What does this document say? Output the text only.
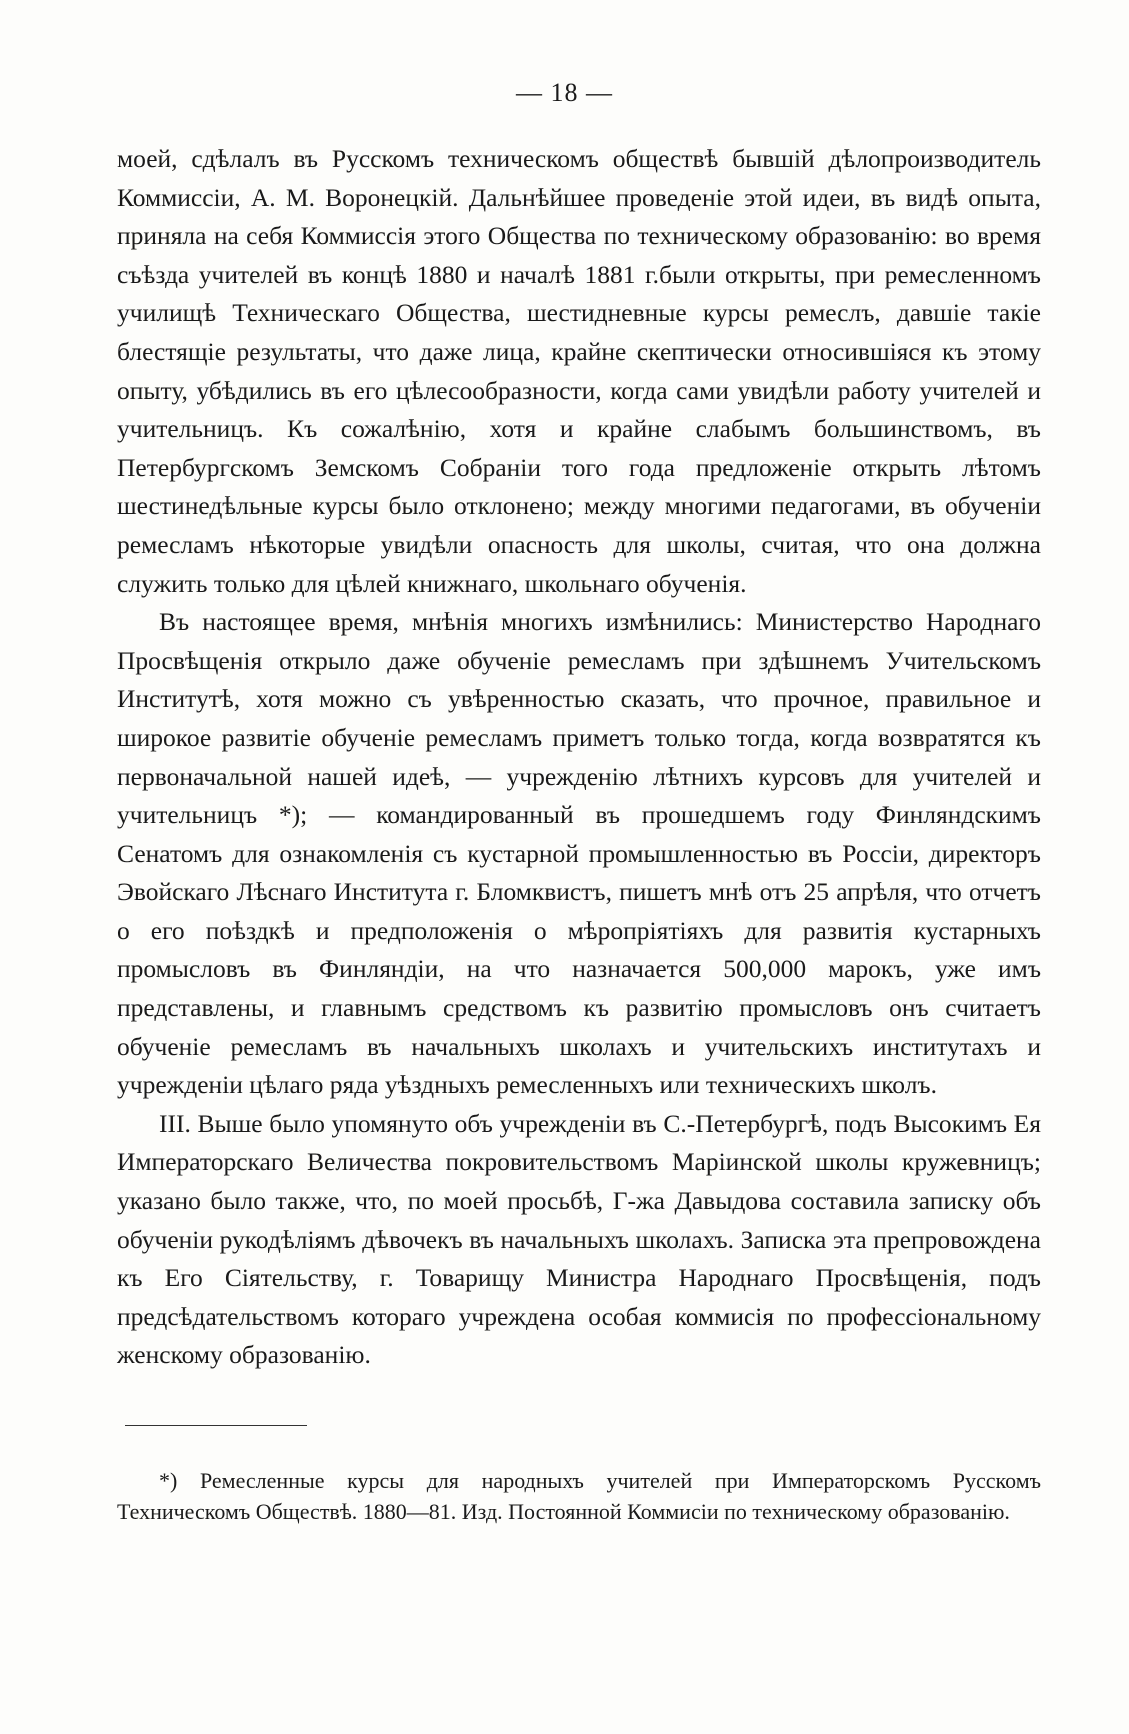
— 18 —

моей, сдѣлалъ въ Русскомъ техническомъ обществѣ бывшій дѣлопроизводитель Коммиссіи, А. М. Воронецкій. Дальнѣйшее проведеніе этой идеи, въ видѣ опыта, приняла на себя Коммиссія этого Общества по техническому образованію: во время съѣзда учителей въ концѣ 1880 и началѣ 1881 г.были открыты, при ремесленномъ училищѣ Техническаго Общества, шестидневные курсы ремеслъ, давшіе такіе блестящіе результаты, что даже лица, крайне скептически относившіяся къ этому опыту, убѣдились въ его цѣлесообразности, когда сами увидѣли работу учителей и учительницъ. Къ сожалѣнію, хотя и крайне слабымъ большинствомъ, въ Петербургскомъ Земскомъ Собраніи того года предложеніе открыть лѣтомъ шестинедѣльные курсы было отклонено; между многими педагогами, въ обученіи ремесламъ нѣкоторые увидѣли опасность для школы, считая, что она должна служить только для цѣлей книжнаго, школьнаго обученія.

Въ настоящее время, мнѣнія многихъ измѣнились: Министерство Народнаго Просвѣщенія открыло даже обученіе ремесламъ при здѣшнемъ Учительскомъ Институтѣ, хотя можно съ увѣренностью сказать, что прочное, правильное и широкое развитіе обученіе ремесламъ приметъ только тогда, когда возвратятся къ первоначальной нашей идеѣ, — учрежденію лѣтнихъ курсовъ для учителей и учительницъ *); — командированный въ прошедшемъ году Финляндскимъ Сенатомъ для ознакомленія съ кустарной промышленностью въ Россіи, директоръ Эвойскаго Лѣснаго Института г. Бломквистъ, пишетъ мнѣ отъ 25 апрѣля, что отчетъ о его поѣздкѣ и предположенія о мѣропріятіяхъ для развитія кустарныхъ промысловъ въ Финляндіи, на что назначается 500,000 марокъ, уже имъ представлены, и главнымъ средствомъ къ развитію промысловъ онъ считаетъ обученіе ремесламъ въ начальныхъ школахъ и учительскихъ институтахъ и учрежденіи цѣлаго ряда уѣздныхъ ремесленныхъ или техническихъ школъ.

III. Выше было упомянуто объ учрежденіи въ С.-Петербургѣ, подъ Высокимъ Ея Императорскаго Величества покровительствомъ Маріинской школы кружевницъ; указано было также, что, по моей просьбѣ, Г-жа Давыдова составила записку объ обученіи рукодѣліямъ дѣвочекъ въ начальныхъ школахъ. Записка эта препровождена къ Его Сіятельству, г. Товарищу Министра Народнаго Просвѣщенія, подъ предсѣдательствомъ котораго учреждена особая коммисія по профессіональному женскому образованію.

*) Ремесленные курсы для народныхъ учителей при Императорскомъ Русскомъ Техническомъ Обществѣ. 1880—81. Изд. Постоянной Коммисіи по техническому образованію.
